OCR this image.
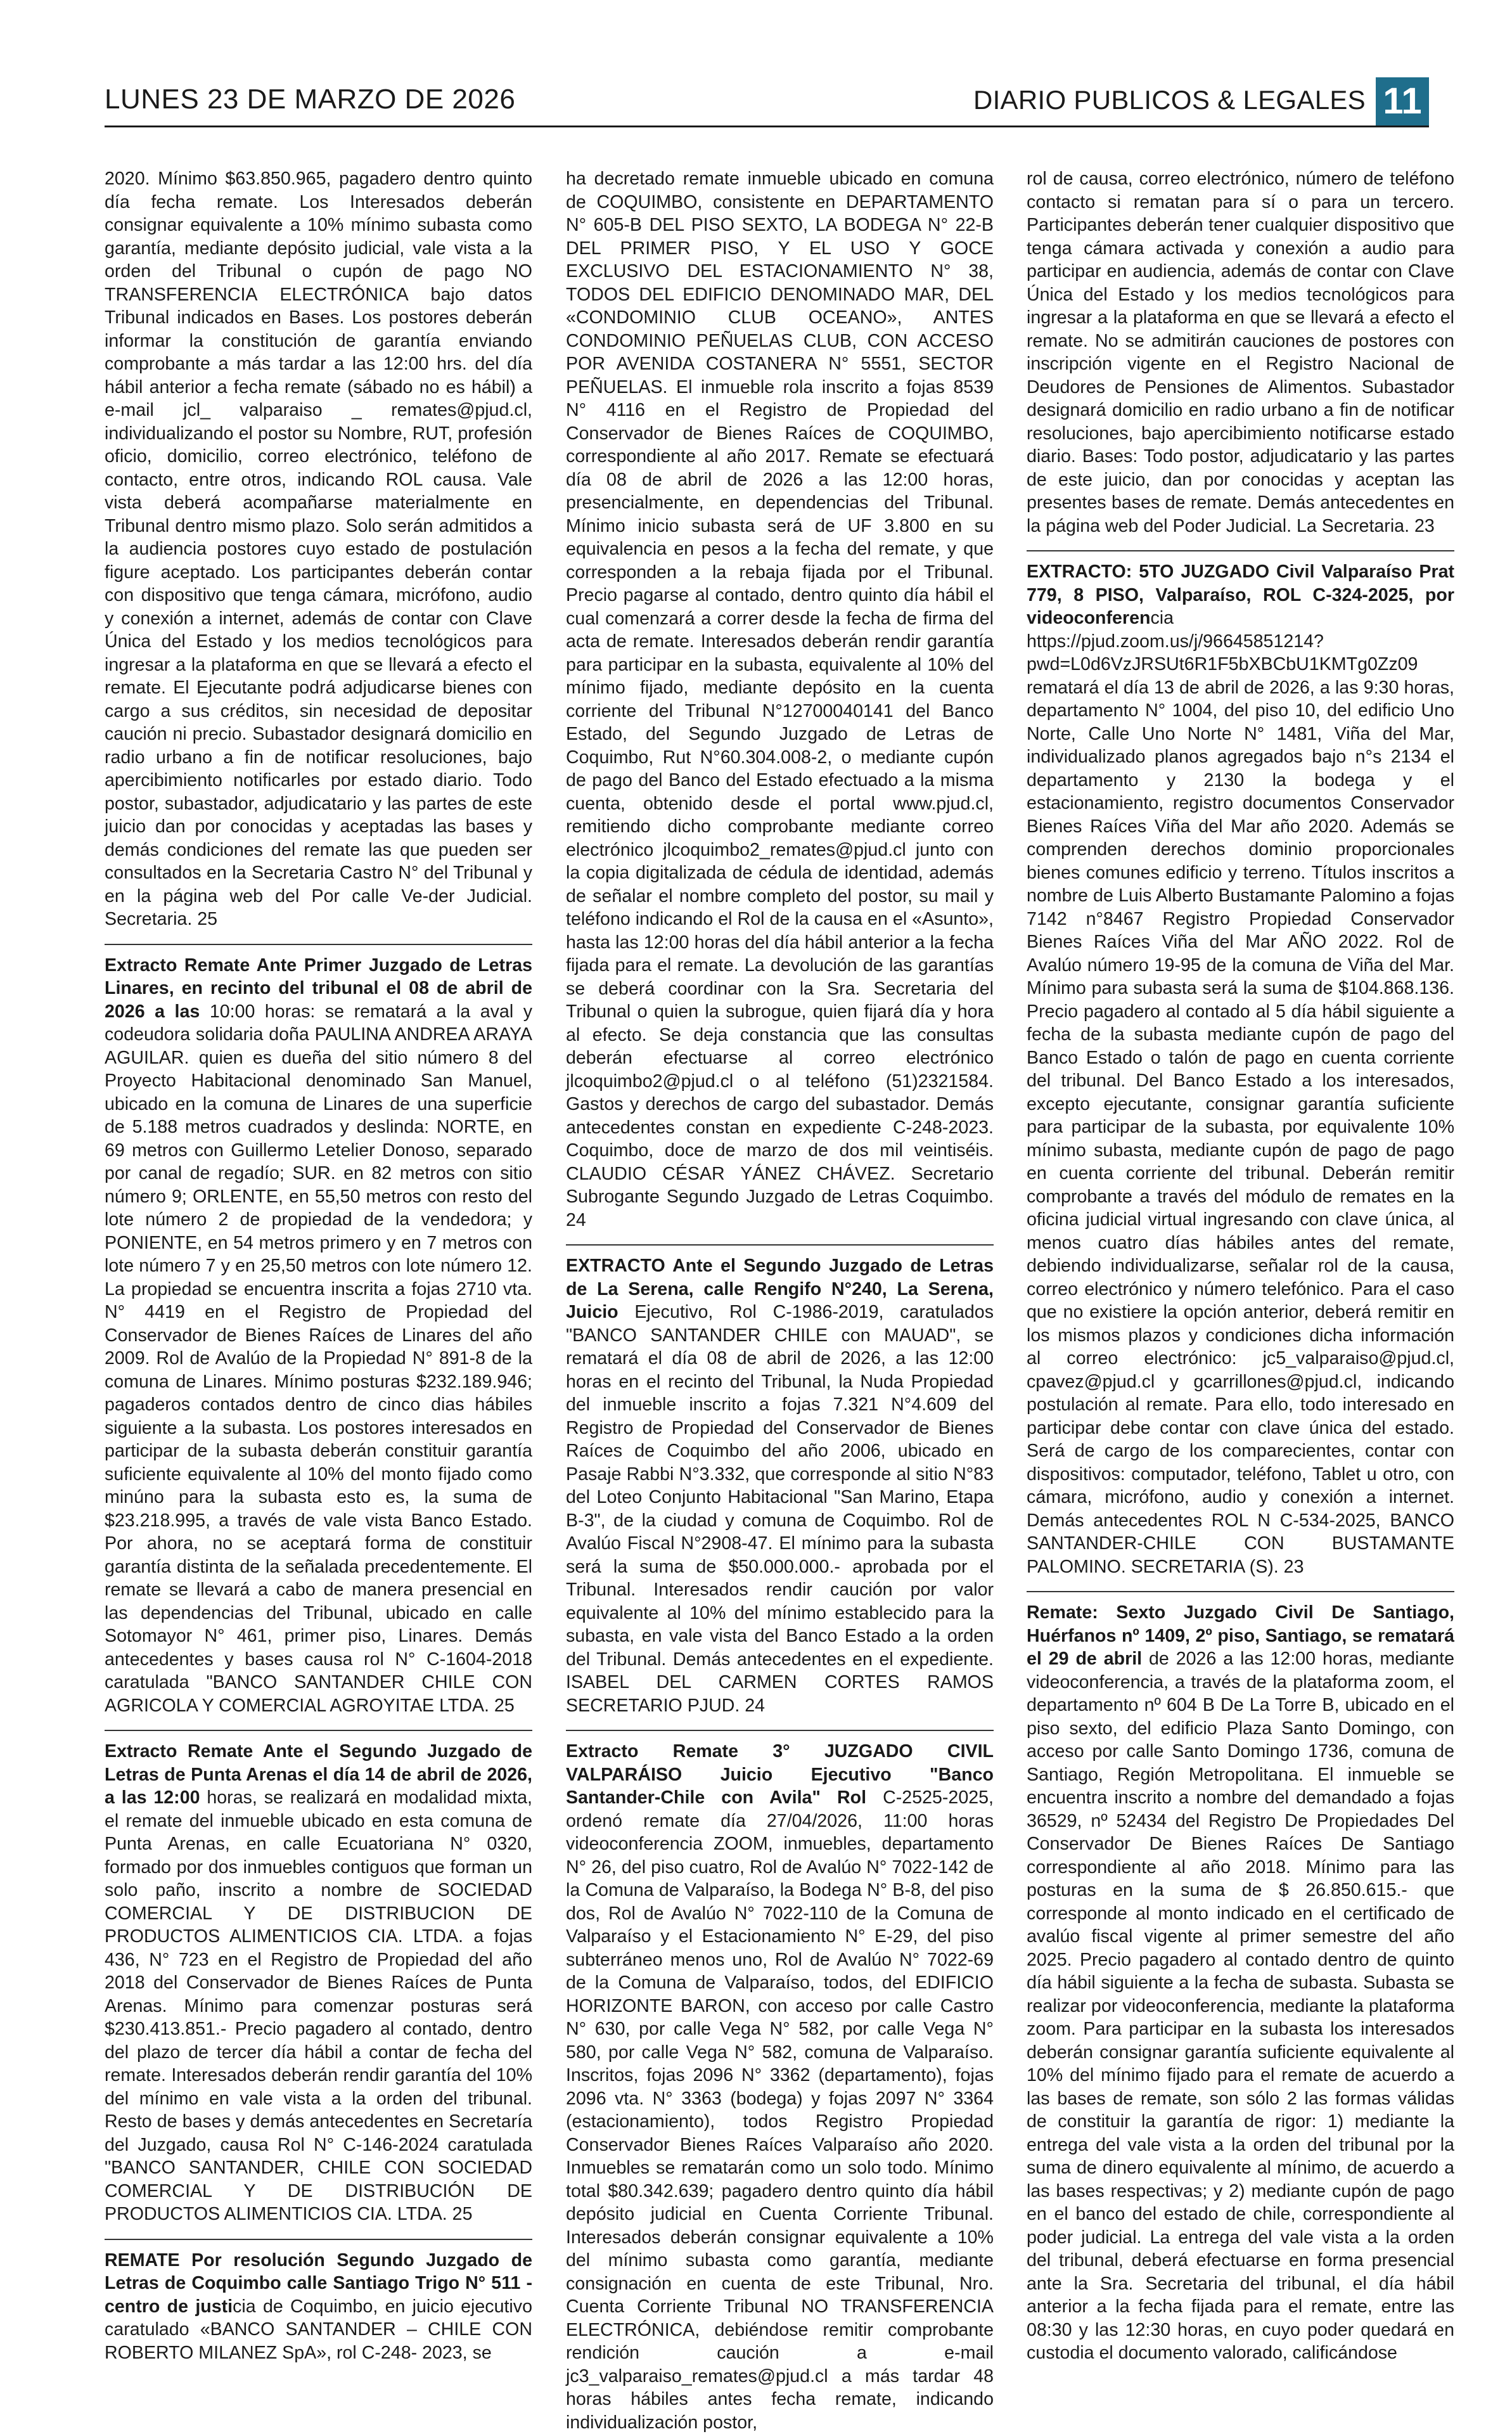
LUNES 23 DE MARZO DE 2026	DIARIO PUBLICOS & LEGALES 11

2020. Mínimo $63.850.965, pagadero dentro quinto día fecha remate. Los Interesados deberán consignar equivalente a 10% mínimo subasta como garantía, mediante depósito judicial, vale vista a la orden del Tribunal o cupón de pago NO TRANSFERENCIA ELECTRÓNICA bajo datos Tribunal indicados en Bases. Los postores deberán informar la constitución de garantía enviando comprobante a más tardar a las 12:00 hrs. del día hábil anterior a fecha remate (sábado no es hábil) a e-mail jcl_ valparaiso _ remates@pjud.cl, individualizando el postor su Nombre, RUT, profesión oficio, domicilio, correo electrónico, teléfono de contacto, entre otros, indicando ROL causa. Vale vista deberá acompañarse materialmente en Tribunal dentro mismo plazo. Solo serán admitidos a la audiencia postores cuyo estado de postulación figure aceptado. Los participantes deberán contar con dispositivo que tenga cámara, micrófono, audio y conexión a internet, además de contar con Clave Única del Estado y los medios tecnológicos para ingresar a la plataforma en que se llevará a efecto el remate. El Ejecutante podrá adjudicarse bienes con cargo a sus créditos, sin necesidad de depositar caución ni precio. Subastador designará domicilio en radio urbano a fin de notificar resoluciones, bajo apercibimiento notificarles por estado diario. Todo postor, subastador, adjudicatario y las partes de este juicio dan por conocidas y aceptadas las bases y demás condiciones del remate las que pueden ser consultados en la Secretaria Castro N° del Tribunal y en la página web del Por calle Ve-der Judicial. Secretaria. 25

Extracto Remate Ante Primer Juzgado de Letras Linares, en recinto del tribunal el 08 de abril de 2026 a las 10:00 horas: se rematará a la aval y codeudora solidaria doña PAULINA ANDREA ARAYA AGUILAR. quien es dueña del sitio número 8 del Proyecto Habitacional denominado San Manuel, ubicado en la comuna de Linares de una superficie de 5.188 metros cuadrados y deslinda: NORTE, en 69 metros con Guillermo Letelier Donoso, separado por canal de regadío; SUR. en 82 metros con sitio número 9; ORLENTE, en 55,50 metros con resto del lote número 2 de propiedad de la vendedora; y PONIENTE, en 54 metros primero y en 7 metros con lote número 7 y en 25,50 metros con lote número 12. La propiedad se encuentra inscrita a fojas 2710 vta. N° 4419 en el Registro de Propiedad del Conservador de Bienes Raíces de Linares del año 2009. Rol de Avalúo de la Propiedad N° 891-8 de la comuna de Linares. Mínimo posturas $232.189.946; pagaderos contados dentro de cinco dias hábiles siguiente a la subasta. Los postores interesados en participar de la subasta deberán constituir garantía suficiente equivalente al 10% del monto fijado como minúno para la subasta esto es, la suma de $23.218.995, a través de vale vista Banco Estado. Por ahora, no se aceptará forma de constituir garantía distinta de la señalada precedentemente. El remate se llevará a cabo de manera presencial en las dependencias del Tribunal, ubicado en calle Sotomayor N° 461, primer piso, Linares. Demás antecedentes y bases causa rol N° C-1604-2018 caratulada "BANCO SANTANDER CHILE CON AGRICOLA Y COMERCIAL AGROYITAE LTDA. 25

Extracto Remate Ante el Segundo Juzgado de Letras de Punta Arenas el día 14 de abril de 2026, a las 12:00 horas, se realizará en modalidad mixta, el remate del inmueble ubicado en esta comuna de Punta Arenas, en calle Ecuatoriana N° 0320, formado por dos inmuebles contiguos que forman un solo paño, inscrito a nombre de SOCIEDAD COMERCIAL Y DE DISTRIBUCION DE PRODUCTOS ALIMENTICIOS CIA. LTDA. a fojas 436, N° 723 en el Registro de Propiedad del año 2018 del Conservador de Bienes Raíces de Punta Arenas. Mínimo para comenzar posturas será $230.413.851.- Precio pagadero al contado, dentro del plazo de tercer día hábil a contar de fecha del remate. Interesados deberán rendir garantía del 10% del mínimo en vale vista a la orden del tribunal. Resto de bases y demás antecedentes en Secretaría del Juzgado, causa Rol N° C-146-2024 caratulada "BANCO SANTANDER, CHILE CON SOCIEDAD COMERCIAL Y DE DISTRIBUCIÓN DE PRODUCTOS ALIMENTICIOS CIA. LTDA. 25

REMATE Por resolución Segundo Juzgado de Letras de Coquimbo calle Santiago Trigo N° 511 - centro de justicia de Coquimbo, en juicio ejecutivo caratulado «BANCO SANTANDER – CHILE CON ROBERTO MILANEZ SpA», rol C-248- 2023, se

ha decretado remate inmueble ubicado en comuna de COQUIMBO, consistente en DEPARTAMENTO N° 605-B DEL PISO SEXTO, LA BODEGA N° 22-B DEL PRIMER PISO, Y EL USO Y GOCE EXCLUSIVO DEL ESTACIONAMIENTO N° 38, TODOS DEL EDIFICIO DENOMINADO MAR, DEL «CONDOMINIO CLUB OCEANO», ANTES CONDOMINIO PEÑUELAS CLUB, CON ACCESO POR AVENIDA COSTANERA N° 5551, SECTOR PEÑUELAS. El inmueble rola inscrito a fojas 8539 N° 4116 en el Registro de Propiedad del Conservador de Bienes Raíces de COQUIMBO, correspondiente al año 2017. Remate se efectuará día 08 de abril de 2026 a las 12:00 horas, presencialmente, en dependencias del Tribunal. Mínimo inicio subasta será de UF 3.800 en su equivalencia en pesos a la fecha del remate, y que corresponden a la rebaja fijada por el Tribunal. Precio pagarse al contado, dentro quinto día hábil el cual comenzará a correr desde la fecha de firma del acta de remate. Interesados deberán rendir garantía para participar en la subasta, equivalente al 10% del mínimo fijado, mediante depósito en la cuenta corriente del Tribunal N°12700040141 del Banco Estado, del Segundo Juzgado de Letras de Coquimbo, Rut N°60.304.008-2, o mediante cupón de pago del Banco del Estado efectuado a la misma cuenta, obtenido desde el portal www.pjud.cl, remitiendo dicho comprobante mediante correo electrónico jlcoquimbo2_remates@pjud.cl junto con la copia digitalizada de cédula de identidad, además de señalar el nombre completo del postor, su mail y teléfono indicando el Rol de la causa en el «Asunto», hasta las 12:00 horas del día hábil anterior a la fecha fijada para el remate. La devolución de las garantías se deberá coordinar con la Sra. Secretaria del Tribunal o quien la subrogue, quien fijará día y hora al efecto. Se deja constancia que las consultas deberán efectuarse al correo electrónico jlcoquimbo2@pjud.cl o al teléfono (51)2321584. Gastos y derechos de cargo del subastador. Demás antecedentes constan en expediente C-248-2023. Coquimbo, doce de marzo de dos mil veintiséis. CLAUDIO CÉSAR YÁNEZ CHÁVEZ. Secretario Subrogante Segundo Juzgado de Letras Coquimbo. 24

EXTRACTO Ante el Segundo Juzgado de Letras de La Serena, calle Rengifo N°240, La Serena, Juicio Ejecutivo, Rol C-1986-2019, caratulados "BANCO SANTANDER CHILE con MAUAD", se rematará el día 08 de abril de 2026, a las 12:00 horas en el recinto del Tribunal, la Nuda Propiedad del inmueble inscrito a fojas 7.321 N°4.609 del Registro de Propiedad del Conservador de Bienes Raíces de Coquimbo del año 2006, ubicado en Pasaje Rabbi N°3.332, que corresponde al sitio N°83 del Loteo Conjunto Habitacional "San Marino, Etapa B-3", de la ciudad y comuna de Coquimbo. Rol de Avalúo Fiscal N°2908-47. El mínimo para la subasta será la suma de $50.000.000.- aprobada por el Tribunal. Interesados rendir caución por valor equivalente al 10% del mínimo establecido para la subasta, en vale vista del Banco Estado a la orden del Tribunal. Demás antecedentes en el expediente. ISABEL DEL CARMEN CORTES RAMOS SECRETARIO PJUD. 24

Extracto Remate 3° JUZGADO CIVIL VALPARÁISO Juicio Ejecutivo "Banco Santander-Chile con Avila" Rol C-2525-2025, ordenó remate día 27/04/2026, 11:00 horas videoconferencia ZOOM, inmuebles, departamento N° 26, del piso cuatro, Rol de Avalúo N° 7022-142 de la Comuna de Valparaíso, la Bodega N° B-8, del piso dos, Rol de Avalúo N° 7022-110 de la Comuna de Valparaíso y el Estacionamiento N° E-29, del piso subterráneo menos uno, Rol de Avalúo N° 7022-69 de la Comuna de Valparaíso, todos, del EDIFICIO HORIZONTE BARON, con acceso por calle Castro N° 630, por calle Vega N° 582, por calle Vega N° 580, por calle Vega N° 582, comuna de Valparaíso. Inscritos, fojas 2096 N° 3362 (departamento), fojas 2096 vta. N° 3363 (bodega) y fojas 2097 N° 3364 (estacionamiento), todos Registro Propiedad Conservador Bienes Raíces Valparaíso año 2020. Inmuebles se rematarán como un solo todo. Mínimo total $80.342.639; pagadero dentro quinto día hábil depósito judicial en Cuenta Corriente Tribunal. Interesados deberán consignar equivalente a 10% del mínimo subasta como garantía, mediante consignación en cuenta de este Tribunal, Nro. Cuenta Corriente Tribunal NO TRANSFERENCIA ELECTRÓNICA, debiéndose remitir comprobante rendición caución a e-mail jc3_valparaiso_remates@pjud.cl a más tardar 48 horas hábiles antes fecha remate, indicando individualización postor,

rol de causa, correo electrónico, número de teléfono contacto si rematan para sí o para un tercero. Participantes deberán tener cualquier dispositivo que tenga cámara activada y conexión a audio para participar en audiencia, además de contar con Clave Única del Estado y los medios tecnológicos para ingresar a la plataforma en que se llevará a efecto el remate. No se admitirán cauciones de postores con inscripción vigente en el Registro Nacional de Deudores de Pensiones de Alimentos. Subastador designará domicilio en radio urbano a fin de notificar resoluciones, bajo apercibimiento notificarse estado diario. Bases: Todo postor, adjudicatario y las partes de este juicio, dan por conocidas y aceptan las presentes bases de remate. Demás antecedentes en la página web del Poder Judicial. La Secretaria. 23

EXTRACTO: 5TO JUZGADO Civil Valparaíso Prat 779, 8 PISO, Valparaíso, ROL C-324-2025, por videoconferencia https://pjud.zoom.us/j/96645851214?pwd=L0d6VzJRSUt6R1F5bXBCbU1KMTg0Zz09 rematará el día 13 de abril de 2026, a las 9:30 horas, departamento N° 1004, del piso 10, del edificio Uno Norte, Calle Uno Norte N° 1481, Viña del Mar, individualizado planos agregados bajo n°s 2134 el departamento y 2130 la bodega y el estacionamiento, registro documentos Conservador Bienes Raíces Viña del Mar año 2020. Además se comprenden derechos dominio proporcionales bienes comunes edificio y terreno. Títulos inscritos a nombre de Luis Alberto Bustamante Palomino a fojas 7142 n°8467 Registro Propiedad Conservador Bienes Raíces Viña del Mar AÑO 2022. Rol de Avalúo número 19-95 de la comuna de Viña del Mar. Mínimo para subasta será la suma de $104.868.136. Precio pagadero al contado al 5 día hábil siguiente a fecha de la subasta mediante cupón de pago del Banco Estado o talón de pago en cuenta corriente del tribunal. Del Banco Estado a los interesados, excepto ejecutante, consignar garantía suficiente para participar de la subasta, por equivalente 10% mínimo subasta, mediante cupón de pago de pago en cuenta corriente del tribunal. Deberán remitir comprobante a través del módulo de remates en la oficina judicial virtual ingresando con clave única, al menos cuatro días hábiles antes del remate, debiendo individualizarse, señalar rol de la causa, correo electrónico y número telefónico. Para el caso que no existiere la opción anterior, deberá remitir en los mismos plazos y condiciones dicha información al correo electrónico: jc5_valparaiso@pjud.cl, cpavez@pjud.cl y gcarrillones@pjud.cl, indicando postulación al remate. Para ello, todo interesado en participar debe contar con clave única del estado. Será de cargo de los comparecientes, contar con dispositivos: computador, teléfono, Tablet u otro, con cámara, micrófono, audio y conexión a internet. Demás antecedentes ROL N C-534-2025, BANCO SANTANDER-CHILE CON BUSTAMANTE PALOMINO. SECRETARIA (S). 23

Remate: Sexto Juzgado Civil De Santiago, Huérfanos nº 1409, 2º piso, Santiago, se rematará el 29 de abril de 2026 a las 12:00 horas, mediante videoconferencia, a través de la plataforma zoom, el departamento nº 604 B De La Torre B, ubicado en el piso sexto, del edificio Plaza Santo Domingo, con acceso por calle Santo Domingo 1736, comuna de Santiago, Región Metropolitana. El inmueble se encuentra inscrito a nombre del demandado a fojas 36529, nº 52434 del Registro De Propiedades Del Conservador De Bienes Raíces De Santiago correspondiente al año 2018. Mínimo para las posturas en la suma de $ 26.850.615.- que corresponde al monto indicado en el certificado de avalúo fiscal vigente al primer semestre del año 2025. Precio pagadero al contado dentro de quinto día hábil siguiente a la fecha de subasta. Subasta se realizar por videoconferencia, mediante la plataforma zoom. Para participar en la subasta los interesados deberán consignar garantía suficiente equivalente al 10% del mínimo fijado para el remate de acuerdo a las bases de remate, son sólo 2 las formas válidas de constituir la garantía de rigor: 1) mediante la entrega del vale vista a la orden del tribunal por la suma de dinero equivalente al mínimo, de acuerdo a las bases respectivas; y 2) mediante cupón de pago en el banco del estado de chile, correspondiente al poder judicial. La entrega del vale vista a la orden del tribunal, deberá efectuarse en forma presencial ante la Sra. Secretaria del tribunal, el día hábil anterior a la fecha fijada para el remate, entre las 08:30 y las 12:30 horas, en cuyo poder quedará en custodia el documento valorado, calificándose
